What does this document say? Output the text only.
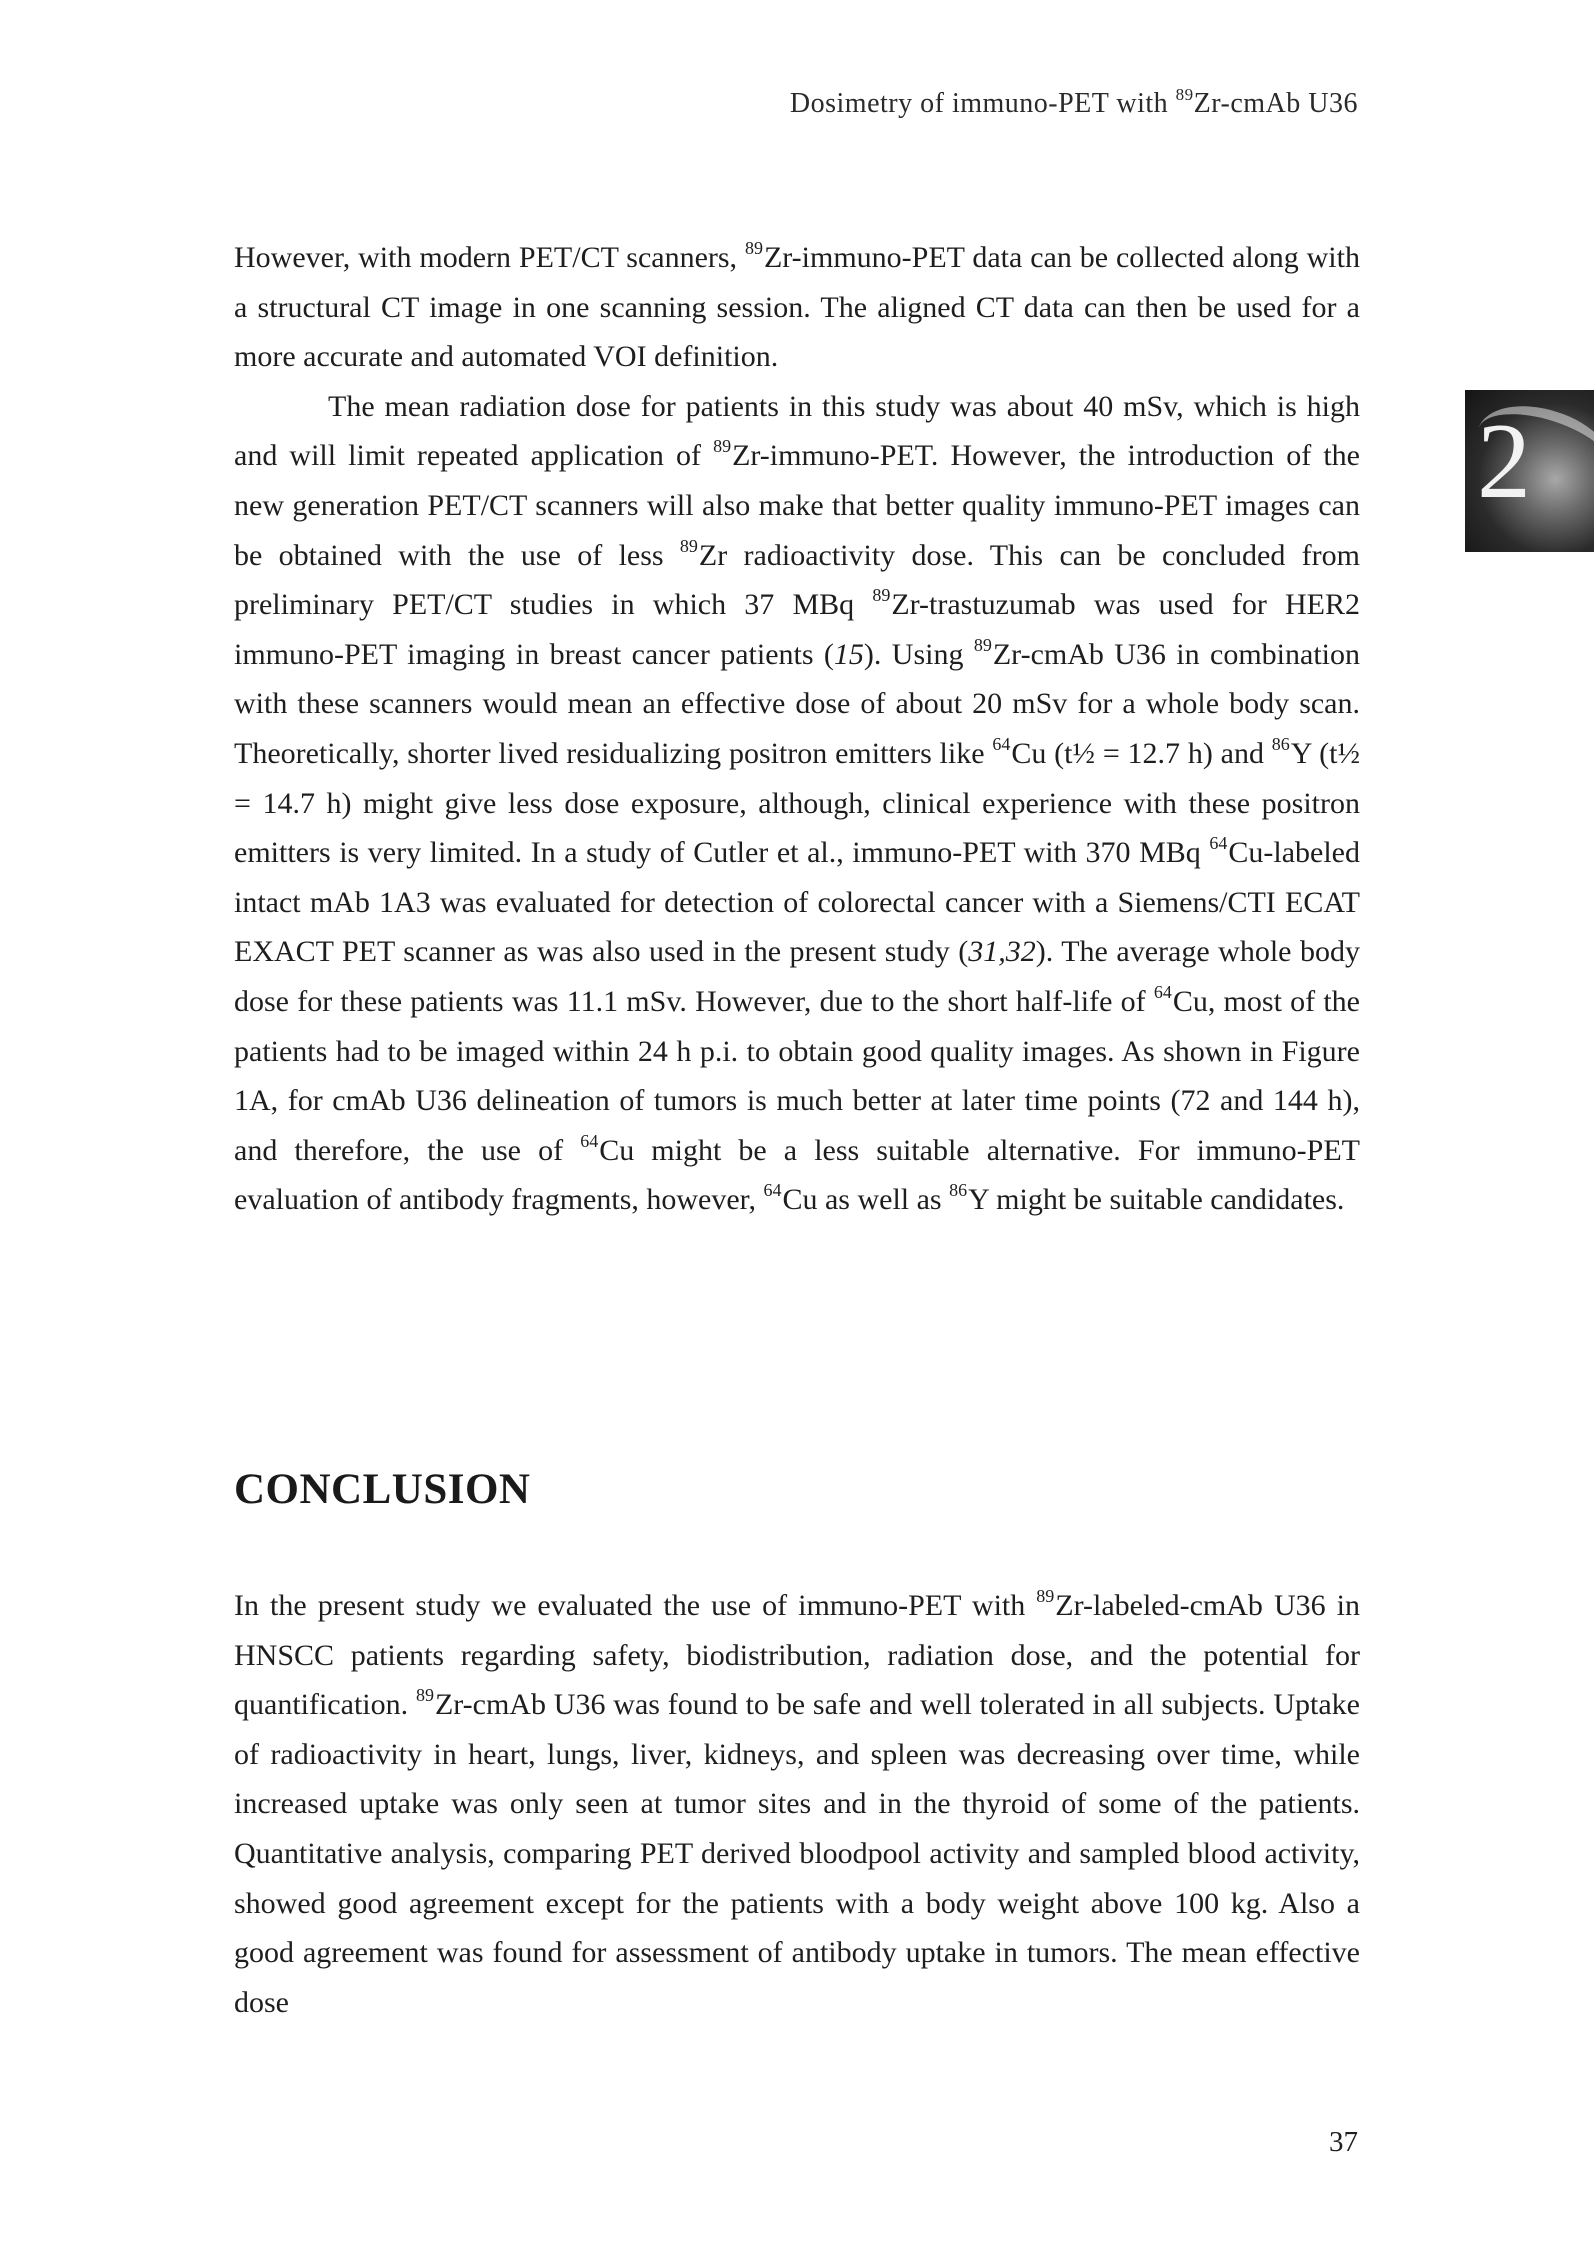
Dosimetry of immuno-PET with $^{89}$Zr-cmAb U36
2

However, with modern PET/CT scanners, $^{89}$Zr-immuno-PET data can be collected along with a structural CT image in one scanning session. The aligned CT data can then be used for a more accurate and automated VOI definition.

The mean radiation dose for patients in this study was about 40 mSv, which is high and will limit repeated application of $^{89}$Zr-immuno-PET. However, the introduction of the new generation PET/CT scanners will also make that better quality immuno-PET images can be obtained with the use of less $^{89}$Zr radioactivity dose. This can be concluded from preliminary PET/CT studies in which 37 MBq $^{89}$Zr-trastuzumab was used for HER2 immuno-PET imaging in breast cancer patients (15). Using $^{89}$Zr-cmAb U36 in combination with these scanners would mean an effective dose of about 20 mSv for a whole body scan. Theoretically, shorter lived residualizing positron emitters like $^{64}$Cu (t½ = 12.7 h) and $^{86}$Y (t½ = 14.7 h) might give less dose exposure, although, clinical experience with these positron emitters is very limited. In a study of Cutler et al., immuno-PET with 370 MBq $^{64}$Cu-labeled intact mAb 1A3 was evaluated for detection of colorectal cancer with a Siemens/CTI ECAT EXACT PET scanner as was also used in the present study (31,32). The average whole body dose for these patients was 11.1 mSv. However, due to the short half-life of $^{64}$Cu, most of the patients had to be imaged within 24 h p.i. to obtain good quality images. As shown in Figure 1A, for cmAb U36 delineation of tumors is much better at later time points (72 and 144 h), and therefore, the use of $^{64}$Cu might be a less suitable alternative. For immuno-PET evaluation of antibody fragments, however, $^{64}$Cu as well as $^{86}$Y might be suitable candidates.

CONCLUSION

In the present study we evaluated the use of immuno-PET with $^{89}$Zr-labeled-cmAb U36 in HNSCC patients regarding safety, biodistribution, radiation dose, and the potential for quantification. $^{89}$Zr-cmAb U36 was found to be safe and well tolerated in all subjects. Uptake of radioactivity in heart, lungs, liver, kidneys, and spleen was decreasing over time, while increased uptake was only seen at tumor sites and in the thyroid of some of the patients. Quantitative analysis, comparing PET derived bloodpool activity and sampled blood activity, showed good agreement except for the patients with a body weight above 100 kg. Also a good agreement was found for assessment of antibody uptake in tumors. The mean effective dose

37
